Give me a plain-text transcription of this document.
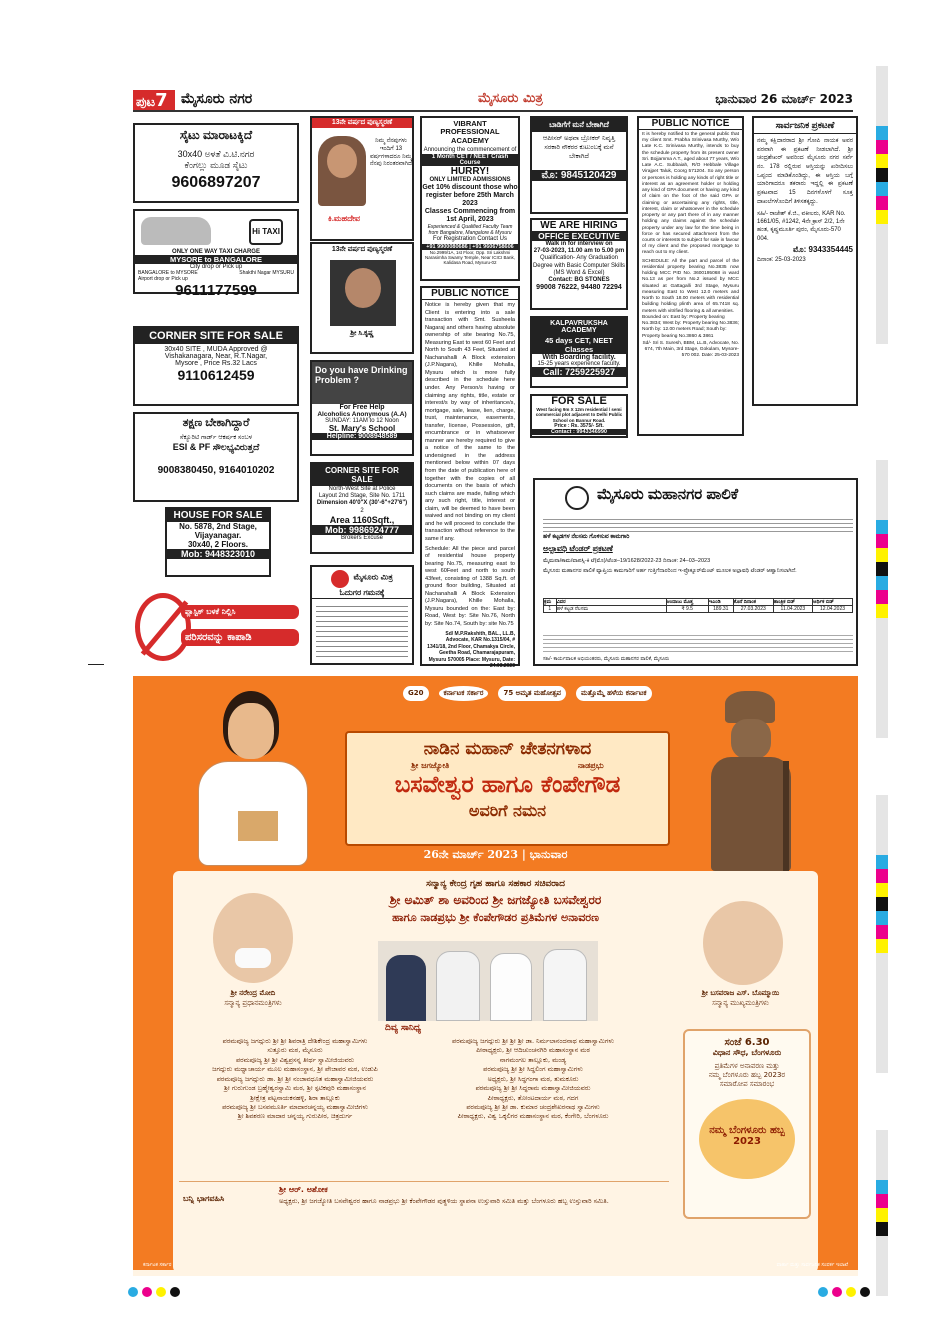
ಪುಟ7 ಮೈಸೂರು ನಗರ	ಮೈಸೂರು ಮಿತ್ರ	ಭಾನುವಾರ 26 ಮಾರ್ಚ್ 2023
ಸೈಟು ಮಾರಾಟಕ್ಕಿದೆ
30x40 ಅಳತೆ ವಿ.ಟಿ.ನಗರ
ಕೆಂಗಲ್ಲು ಮೂಡ ಸೈಟು
9606897207
Hi TAXI
ONLY ONE WAY TAXI CHARGE
MYSORE to BANGALORE
City drop or Pick up
BANGALORE to MYSORE	Shakthi Nagar MYSURU
Airport drop or Pick up
9611177599
CORNER SITE FOR SALE
30x40 SITE , MUDA Approved @
Vishakanagara, Near, R.T.Nagar,
Mysore , Price Rs.32 Lacs
9110612459
ತಕ್ಷಣ ಬೇಕಾಗಿದ್ದಾರೆ
ಸೆಕ್ಯೂರಿಟಿ ಗಾರ್ಡ್ ಆಕರ್ಷಕ ಸಂಬಳ
ESI & PF ಸೌಲಭ್ಯವಿರುತ್ತದೆ
9008380450, 9164010202
HOUSE FOR SALE
No. 5878, 2nd Stage,
Vijayanagar.
30x40, 2 Floors.
Mob: 9448323010
ಪ್ಲಾಸ್ಟಿಕ್ ಬಳಕೆ ನಿಲ್ಲಿಸಿ
ಪರಿಸರವನ್ನು ಕಾಪಾಡಿ
13ನೇ ವರ್ಷದ ಪುಣ್ಯಸ್ಮರಣೆ
ನಿಮ್ಮ ನೆನಪುಗಳು ಇಂದಿಗೆ 13 ವರ್ಷಗಳಾದರೂ ನಿಮ್ಮ ನೆನಪು ನಿರಂತರವಾಗಿದೆ
ಕಿ.ಮಹದೇವ
13ನೇ ವರ್ಷದ ಪುಣ್ಯಸ್ಮರಣೆ
ಶ್ರೀ ಸಿ.ಕೃಷ್ಣ
Do you have Drinking Problem ?
For Free Help
Alcoholics Anonymous (A.A)
SUNDAY: 11AM to 12 Noon
St. Mary's School
Helpline: 9008948589
CORNER SITE FOR SALE
North-West Site at Police
Layout 2nd Stage, Site No. 1711
Dimension 40'0"X (30'-6"+27'6")
2
Area 1160Sqft.,
Mob: 9986924777
Brokers Excuse
ಮೈಸೂರು ಮಿತ್ರ
ಓದುಗರ ಗಮನಕ್ಕೆ
VIBRANT PROFESSIONAL ACADEMY
Announcing the commencement of
1 Month CET / NEET Crash Course
HURRY!
ONLY LIMITED ADMISSIONS
Get 10% discount those who register before 25th March 2023
Classes Commencing from 1st April, 2023
Experienced & Qualified Faculty Team from Bangalore, Mangalore & Mysuru
For Registration Contact Us
+91 9900080686 | +91 9606758606
No.2999/1A, 1st Floor, Opp. Sri Lakshmi Narasimha Swamy Temple, Near ICICI Bank, Kalidasa Road, Mysuru-02
PUBLIC NOTICE
Notice is hereby given that my Client is entering into a sale transaction with Smt. Susheela Nagaraj and others having absolute ownership of site bearing No.75, Measuring East to west 60 Feet and North to South 43 Feet, Situated at Nachanahalli A Block extension (J.P.Nagara), Khille Mohalla, Mysuru which is more fully described in the schedule here under. Any Person/s having or claiming any rights, title, estate or interest/s by way of inheritance/s, mortgage, sale, lease, lien, charge, trust, maintenance, easements, transfer, license, Possession, gift, encumbrance or in whatsoever manner are hereby required to give a notice of the same to the undersigned in the address mentioned below within 07 days from the date of publication here of together with the copies of all documents on the basis of which such claims are made, failing which any such right, title, interest or claim, will be deemed to have been waived and not binding on my client and he will proceed to conclude the transaction without reference to the same if any.
Schedule: All the piece and parcel of residential house property bearing No.75, measuring east to west 60Feet and north to south 43feet, consisting of 1388 Sq.ft. of ground floor building, Situated at Nachanahalli A Block Extension (J.P.Nagara), Khille Mohalla, Mysuru bounded on the: East by: Road, West by: Site No.76, North by: Site No.74, South by: site No.75
Sd/ M.P.Rakshith, BAL., LL.B, Advocate, KAR No.1315/04, # 1341/18, 2nd Floor, Chamakya Circle, Geetha Road, Chamarajapuram, Mysuru 570005 Place: Mysuru, Date: 24.03.2023
ಬಾಡಿಗೆಗೆ ಮನೆ ಬೇಕಾಗಿದೆ
ಆಪೀಸರ್ ಅಥವಾ ಬ್ರೋಕರ್ ನಿವೃತ್ತಿ ಸರಕಾರಿ ನೌಕರರ ಕುಟುಂಬಕ್ಕೆ ಮನೆ ಬೇಕಾಗಿದೆ
ಮೊ: 9845120429
WE ARE HIRING
OFFICE EXECUTIVE
Walk in for interview on
27-03-2023, 11.00 am to 5.00 pm
Qualification- Any Graduation Degree with Basic Computer Skills (MS Word & Excel)
Contact: BG STONES
99008 76222, 94480 72294
KALPAVRUKSHA ACADEMY
45 days CET, NEET Classes
With Boarding facility.
15-25 years experience faculty.
Call: 7259225927
FOR SALE
West facing 9m X 12m residential / semi commercial plot adjacent to Delhi Public School on Bannur Road.
Price : Rs. 3575/- Sft.
Contact : 9943346990
PUBLIC NOTICE
It is hereby notified to the general public that my client Smt. Prabha Srinivasa Murthy, W/o Late K.C. Srinivasa Murthy, intends to buy the schedule property from its present owner Sri. Bojjamma A.T., aged about 77 years, W/o Late A.C. Subbaiah, R/O Hebbale Village Virajpet Taluk, Coorg 571204. So any person or persons is holding any kinds of right title or interest as an agreement holder or holding any kind of GPA document or having any kind of claim on the foot of the said GPA or claiming or ascertaining any rights, title, interest, claim or whatsoever in the schedule property or any part there of in any manner holding any claims against the schedule property under any law for the time being in force or has secured attachment from the courts or interests to subject for sale in favour of my client and the proposed mortgage to reach out to my client.
SCHEDULE: All the part and parcel of the residential property bearing No.3835 now holding MCC PID No. 3600195068 in ward No.13 as per from No.2 issued by MCC situated at Gattagalli 3rd Stage, Mysuru measuring East to West 12.0 meters and North to South 18.00 meters with residential building holding plinth area of 65.7418 sq. meters with vitrified flooring & all amenities.
Bounded on: East by: Property bearing No.3834; West by: Property bearing No.3836; North by: 12.00 meters Road; South by: Property bearing No.3860 & 3861
Sd/- Sri S. Suresh, BBM, LL.B, Advocate, No. 674, 7th Main, 3rd Stage, Gokulam, Mysore-570 002. Date: 25-03-2023
ಸಾರ್ವಜನಿಕ ಪ್ರಕಟಣೆ
ನಮ್ಮ ಕಕ್ಷಿದಾರರಾದ ಶ್ರೀ ಗೋಪಿ ನಾಯಕ ಅವರ ಪರವಾಗಿ ಈ ಪ್ರಕಟಣೆ ನೀಡಲಾಗಿದೆ. ಶ್ರೀ ಚಂದ್ರಶೇಖರ್ ಅವರಿಂದ ಮೈಸೂರು ನಗರ ಸರ್ವೆ ನಂ. 178 ರಲ್ಲಿರುವ ಆಸ್ತಿಯನ್ನು ಖರೀದಿಸಲು ಒಪ್ಪಂದ ಮಾಡಿಕೊಂಡಿದ್ದು, ಈ ಆಸ್ತಿಯ ಬಗ್ಗೆ ಯಾರಿಗಾದರೂ ತಕರಾರು ಇದ್ದಲ್ಲಿ ಈ ಪ್ರಕಟಣೆ ಪ್ರಕಟವಾದ 15 ದಿನಗಳೊಳಗೆ ಸೂಕ್ತ ದಾಖಲೆಗಳೊಂದಿಗೆ ತಿಳಿಸತಕ್ಕದ್ದು.
ಸಹಿ/- ರಾಜೇಶ್ ಕೆ.ಜಿ., ವಕೀಲರು, KAR No. 1661/05, #1242, 4ನೇ ಕ್ರಾಸ್ 2/2, 1ನೇ ಹಂತ, ಕೃಷ್ಣಮೂರ್ತಿ ಪುರಂ, ಮೈಸೂರು-570 004.
ಮೊ: 9343354445
ದಿನಾಂಕ: 25-03-2023
ಮೈಸೂರು ಮಹಾನಗರ ಪಾಲಿಕೆ
ಹಳೆ ಕಟ್ಟಡಗಳ ನೆಲಸಮ ಗೊಳಿಸುವ ಕಾಮಗಾರಿ
ಅಲ್ಪಾವಧಿ ಟೆಂಡರ್ ಪ್ರಕಟಣೆ
ಮೈಮಪಾ/ಕಾಮ/ವಾಪಸ್ಸಿ-ಕಿ ಟೆ(ಮೊ)/ಟೆಂಡ–19/1628/2022-23 ದಿನಾಂಕ: 24–03–2023
ಮೈಸೂರು ಮಹಾನಗರ ಪಾಲಿಕೆ ವ್ಯಾಪ್ತಿಯ ಕಾಮಗಾರಿಗೆ ಅರ್ಹ ಗುತ್ತಿಗೆದಾರರಿಂದ ಇ-ಪ್ರೊಕ್ಯೂರ್‌ಮೆಂಟ್ ಮೂಲಕ ಅಲ್ಪಾವಧಿ ಟೆಂಡರ್ ಆಹ್ವಾನಿಸಲಾಗಿದೆ.
ಕ್ರಮ	ವಿವರ	ಅಂದಾಜು ಮೊತ್ತ	ಇಎಂಡಿ	ಕೊನೆ ದಿನಾಂಕ	ತಾಂತ್ರಿಕ ಬಿಡ್	ಆರ್ಥಿಕ ಬಿಡ್
1	ಹಳೆ ಕಟ್ಟಡ ನೆಲಸಮ	₹ 9.5	189.31	27.03.2023	11.04.2023	12.04.2023
ಸಹಿ/- ಕಾರ್ಯಪಾಲಕ ಅಭಿಯಂತರರು, ಮೈಸೂರು ಮಹಾನಗರ ಪಾಲಿಕೆ, ಮೈಸೂರು
G20	ಕರ್ನಾಟಕ ಸರ್ಕಾರ	75 ಅಮೃತ ಮಹೋತ್ಸವ	ಮತ್ತೊಮ್ಮೆ ಹಳೆಯ ಕರ್ನಾಟಕ
ನಾಡಿನ ಮಹಾನ್ ಚೇತನಗಳಾದ
ಶ್ರೀ ಜಗಜ್ಯೋತಿ	ನಾಡಪ್ರಭು
ಬಸವೇಶ್ವರ ಹಾಗೂ ಕೆಂಪೇಗೌಡ
ಅವರಿಗೆ ನಮನ
26ನೇ ಮಾರ್ಚ್ 2023 | ಭಾನುವಾರ
ಸನ್ಮಾನ್ಯ ಕೇಂದ್ರ ಗೃಹ ಹಾಗೂ ಸಹಕಾರ ಸಚಿವರಾದ
ಶ್ರೀ ಅಮಿತ್ ಶಾ ಅವರಿಂದ ಶ್ರೀ ಜಗಜ್ಯೋತಿ ಬಸವೇಶ್ವರರ
ಹಾಗೂ ನಾಡಪ್ರಭು ಶ್ರೀ ಕೆಂಪೇಗೌಡರ ಪ್ರತಿಮೆಗಳ ಅನಾವರಣ
ಶ್ರೀ ನರೇಂದ್ರ ಮೋದಿ
ಸನ್ಮಾನ್ಯ ಪ್ರಧಾನಮಂತ್ರಿಗಳು
ಶ್ರೀ ಬಸವರಾಜ ಎಸ್. ಬೊಮ್ಮಾಯಿ
ಸನ್ಮಾನ್ಯ ಮುಖ್ಯಮಂತ್ರಿಗಳು
ದಿವ್ಯ ಸಾನಿಧ್ಯ
ಪರಮಪೂಜ್ಯ ಜಗದ್ಗುರು ಶ್ರೀ ಶ್ರೀ ಶಿವರಾತ್ರಿ ದೇಶಿಕೇಂದ್ರ ಮಹಾಸ್ವಾಮಿಗಳು
ಸುತ್ತೂರು ಮಠ, ಮೈಸೂರು
ಪರಮಪೂಜ್ಯ ಶ್ರೀ ಶ್ರೀ ವಿಶ್ವಪ್ರಸನ್ನ ತೀರ್ಥ ಸ್ವಾಮೀಜಿಯವರು
ಜಗದ್ಗುರು ಮಧ್ವಾಚಾರ್ಯ ಮೂಲ ಮಹಾಸಂಸ್ಥಾನ, ಶ್ರೀ ಪೇಜಾವರ ಮಠ, ಉಡುಪಿ
ಪರಮಪೂಜ್ಯ ಜಗದ್ಗುರು ಡಾ. ಶ್ರೀ ಶ್ರೀ ನಂಜಾವಧೂತ ಮಹಾಸ್ವಾಮೀಜಿಯವರು
ಶ್ರೀ ಗುರುಗುಂಡ ಬ್ರಹ್ಮೇಶ್ವರಸ್ವಾಮಿ ಮಠ, ಶ್ರೀ ಸ್ಫಟಿಕಪುರಿ ಮಹಾಸಂಸ್ಥಾನ
ಶ್ರೀಕ್ಷೇತ್ರ ಪಟ್ಟನಾಯಕನಹಳ್ಳಿ, ಶಿರಾ ತಾಲ್ಲೂಕು
ಪರಮಪೂಜ್ಯ ಶ್ರೀ ಬಸವಮೂರ್ತಿ ಮಾದಾರಚನ್ನಯ್ಯ ಮಹಾಸ್ವಾಮೀಜಿಗಳು
ಶ್ರೀ ಶಿವಶರಣ ಮಾದಾರ ಚನ್ನಯ್ಯ ಗುರುಪೀಠ, ಚಿತ್ರದುರ್ಗ
ಪರಮಪೂಜ್ಯ ಜಗದ್ಗುರು ಶ್ರೀ ಶ್ರೀ ಶ್ರೀ ಡಾ. ನಿರ್ಮಲಾನಂದನಾಥ ಮಹಾಸ್ವಾಮಿಗಳು
ಪೀಠಾಧ್ಯಕ್ಷರು, ಶ್ರೀ ಆದಿಚುಂಚನಗಿರಿ ಮಹಾಸಂಸ್ಥಾನ ಮಠ
ನಾಗಮಂಗಲ ತಾಲ್ಲೂಕು, ಮಂಡ್ಯ
ಪರಮಪೂಜ್ಯ ಶ್ರೀ ಶ್ರೀ ಸಿದ್ಧಲಿಂಗ ಮಹಾಸ್ವಾಮಿಗಳು
ಅಧ್ಯಕ್ಷರು, ಶ್ರೀ ಸಿದ್ಧಗಂಗಾ ಮಠ, ತುಮಕೂರು
ಪರಮಪೂಜ್ಯ ಶ್ರೀ ಶ್ರೀ ಸಿದ್ಧರಾಮ ಮಹಾಸ್ವಾಮೀಜಿಯವರು
ಪೀಠಾಧ್ಯಕ್ಷರು, ತೋಂಟದಾರ್ಯ ಮಠ, ಗದಗ
ಪರಮಪೂಜ್ಯ ಶ್ರೀ ಶ್ರೀ ಡಾ. ಕುಮಾರ ಚಂದ್ರಶೇಖರನಾಥ ಸ್ವಾಮಿಗಳು
ಪೀಠಾಧ್ಯಕ್ಷರು, ವಿಶ್ವ ಒಕ್ಕಲಿಗರ ಮಹಾಸಂಸ್ಥಾನ ಮಠ, ಕೆಂಗೇರಿ, ಬೆಂಗಳೂರು
ಸಂಜೆ 6.30
ವಿಧಾನ ಸೌಧ, ಬೆಂಗಳೂರು
ಪ್ರತಿಮೆಗಳ ಅನಾವರಣ ಮತ್ತು
ನಮ್ಮ ಬೆಂಗಳೂರು ಹಬ್ಬ 2023ರ
ಸಮಾರೋಪ ಸಮಾರಂಭ
ನಮ್ಮ ಬೆಂಗಳೂರು ಹಬ್ಬ 2023
ಬನ್ನಿ ಭಾಗವಹಿಸಿ
ಶ್ರೀ ಆರ್. ಅಶೋಕ
ಅಧ್ಯಕ್ಷರು, ಶ್ರೀ ಜಗಜ್ಯೋತಿ ಬಸವೇಶ್ವರರ ಹಾಗೂ ನಾಡಪ್ರಭು ಶ್ರೀ ಕೆಂಪೇಗೌಡರ ಪುತ್ಥಳಿಯ ಸ್ಥಾಪನಾ ಉಸ್ತುವಾರಿ ಸಮಿತಿ ಮತ್ತು ಬೆಂಗಳೂರು ಹಬ್ಬ ಉಸ್ತುವಾರಿ ಸಮಿತಿ.
ಕರ್ನಾಟಕ ಸರ್ಕಾರ	ವಾರ್ತಾ ಮತ್ತು ಸಾರ್ವಜನಿಕ ಸಂಪರ್ಕ ಇಲಾಖೆ
